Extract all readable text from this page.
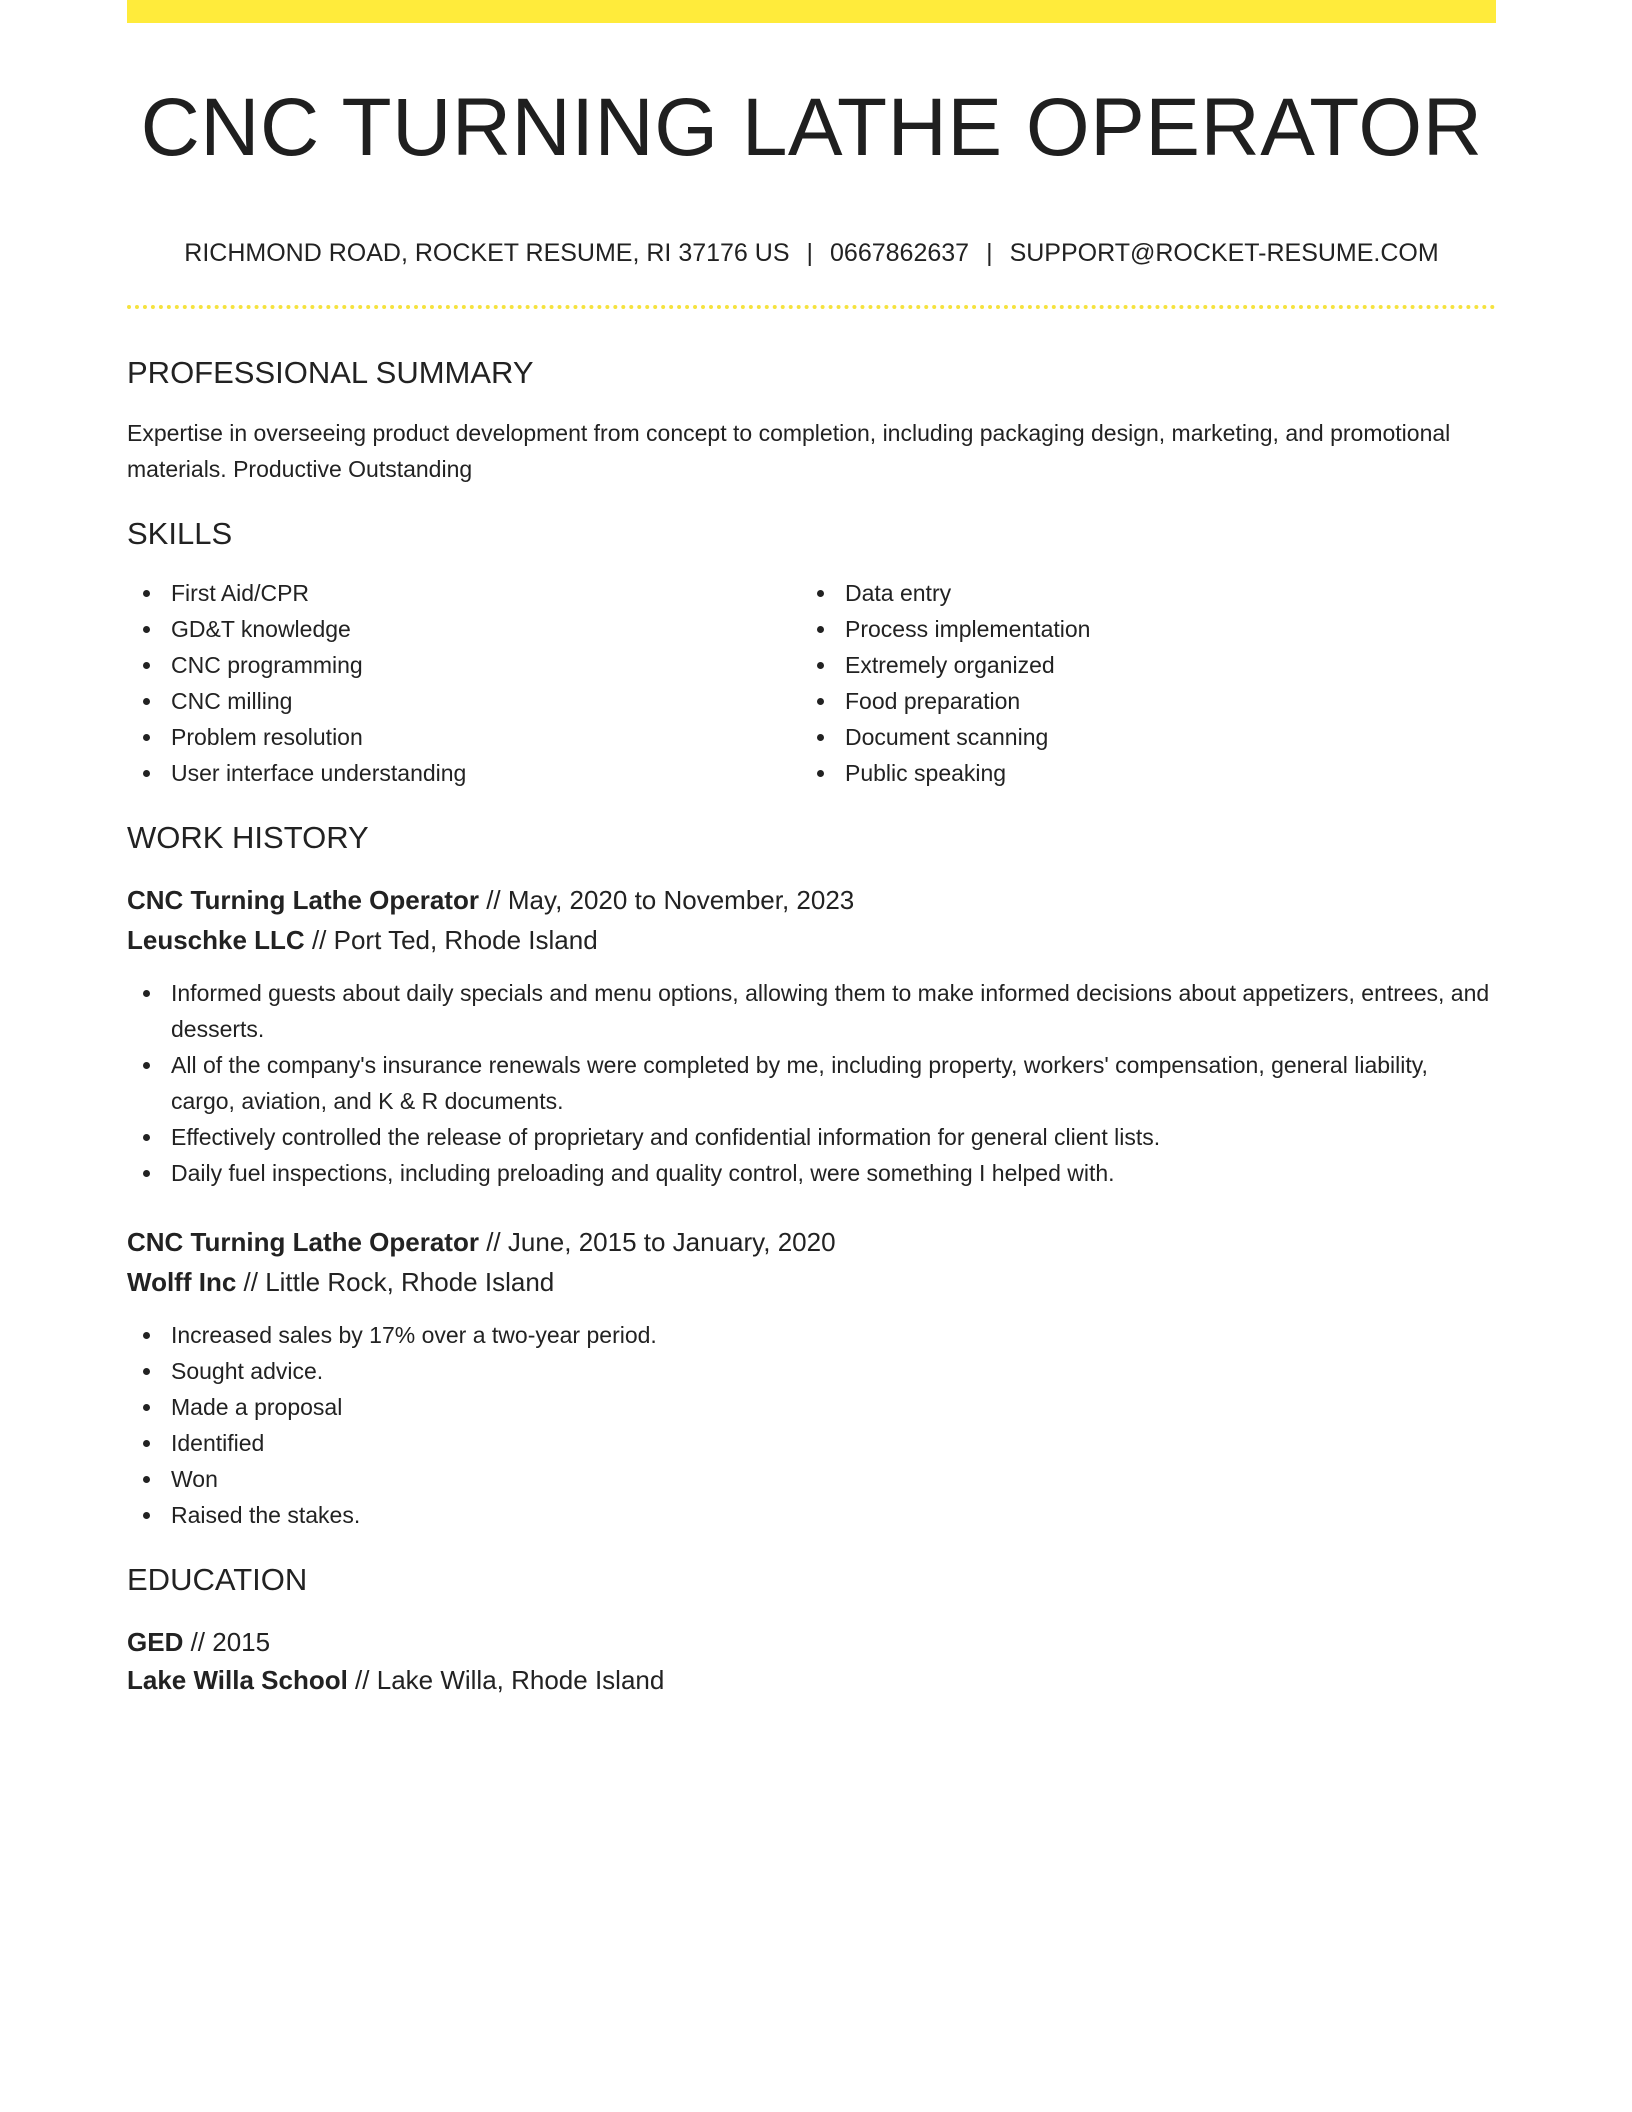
CNC TURNING LATHE OPERATOR
RICHMOND ROAD, ROCKET RESUME, RI 37176 US | 0667862637 | SUPPORT@ROCKET-RESUME.COM
PROFESSIONAL SUMMARY
Expertise in overseeing product development from concept to completion, including packaging design, marketing, and promotional materials. Productive Outstanding
SKILLS
First Aid/CPR
GD&T knowledge
CNC programming
CNC milling
Problem resolution
User interface understanding
Data entry
Process implementation
Extremely organized
Food preparation
Document scanning
Public speaking
WORK HISTORY
CNC Turning Lathe Operator // May, 2020 to November, 2023
Leuschke LLC // Port Ted, Rhode Island
Informed guests about daily specials and menu options, allowing them to make informed decisions about appetizers, entrees, and desserts.
All of the company's insurance renewals were completed by me, including property, workers' compensation, general liability, cargo, aviation, and K & R documents.
Effectively controlled the release of proprietary and confidential information for general client lists.
Daily fuel inspections, including preloading and quality control, were something I helped with.
CNC Turning Lathe Operator // June, 2015 to January, 2020
Wolff Inc // Little Rock, Rhode Island
Increased sales by 17% over a two-year period.
Sought advice.
Made a proposal
Identified
Won
Raised the stakes.
EDUCATION
GED // 2015
Lake Willa School // Lake Willa, Rhode Island
